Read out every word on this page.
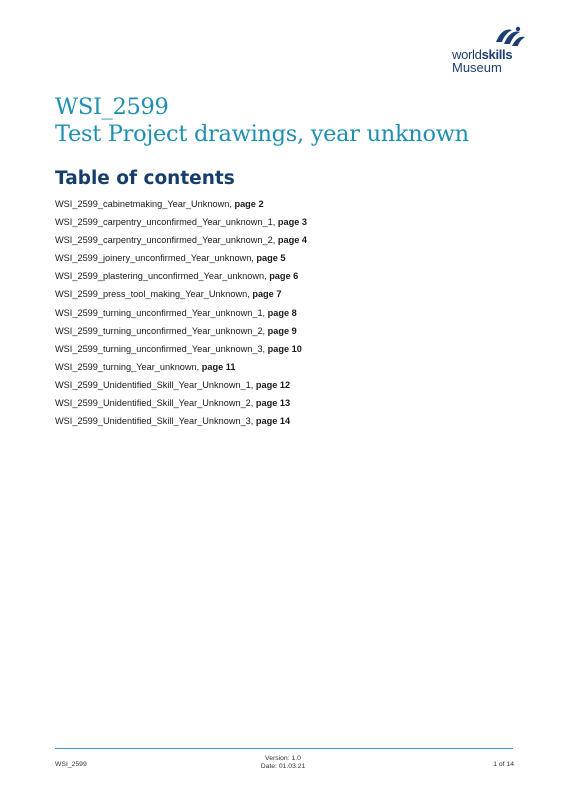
worldskills
Museum
WSI_2599
Test Project drawings, year unknown
Table of contents
WSI_2599_cabinetmaking_Year_Unknown, page 2
WSI_2599_carpentry_unconfirmed_Year_unknown_1, page 3
WSI_2599_carpentry_unconfirmed_Year_unknown_2, page 4
WSI_2599_joinery_unconfirmed_Year_unknown, page 5
WSI_2599_plastering_unconfirmed_Year_unknown, page 6
WSI_2599_press_tool_making_Year_Unknown, page 7
WSI_2599_turning_unconfirmed_Year_unknown_1, page 8
WSI_2599_turning_unconfirmed_Year_unknown_2, page 9
WSI_2599_turning_unconfirmed_Year_unknown_3, page 10
WSI_2599_turning_Year_unknown, page 11
WSI_2599_Unidentified_Skill_Year_Unknown_1, page 12
WSI_2599_Unidentified_Skill_Year_Unknown_2, page 13
WSI_2599_Unidentified_Skill_Year_Unknown_3, page 14
WSI_2599
Version: 1.0
Date: 01.03.21	1 of 14
